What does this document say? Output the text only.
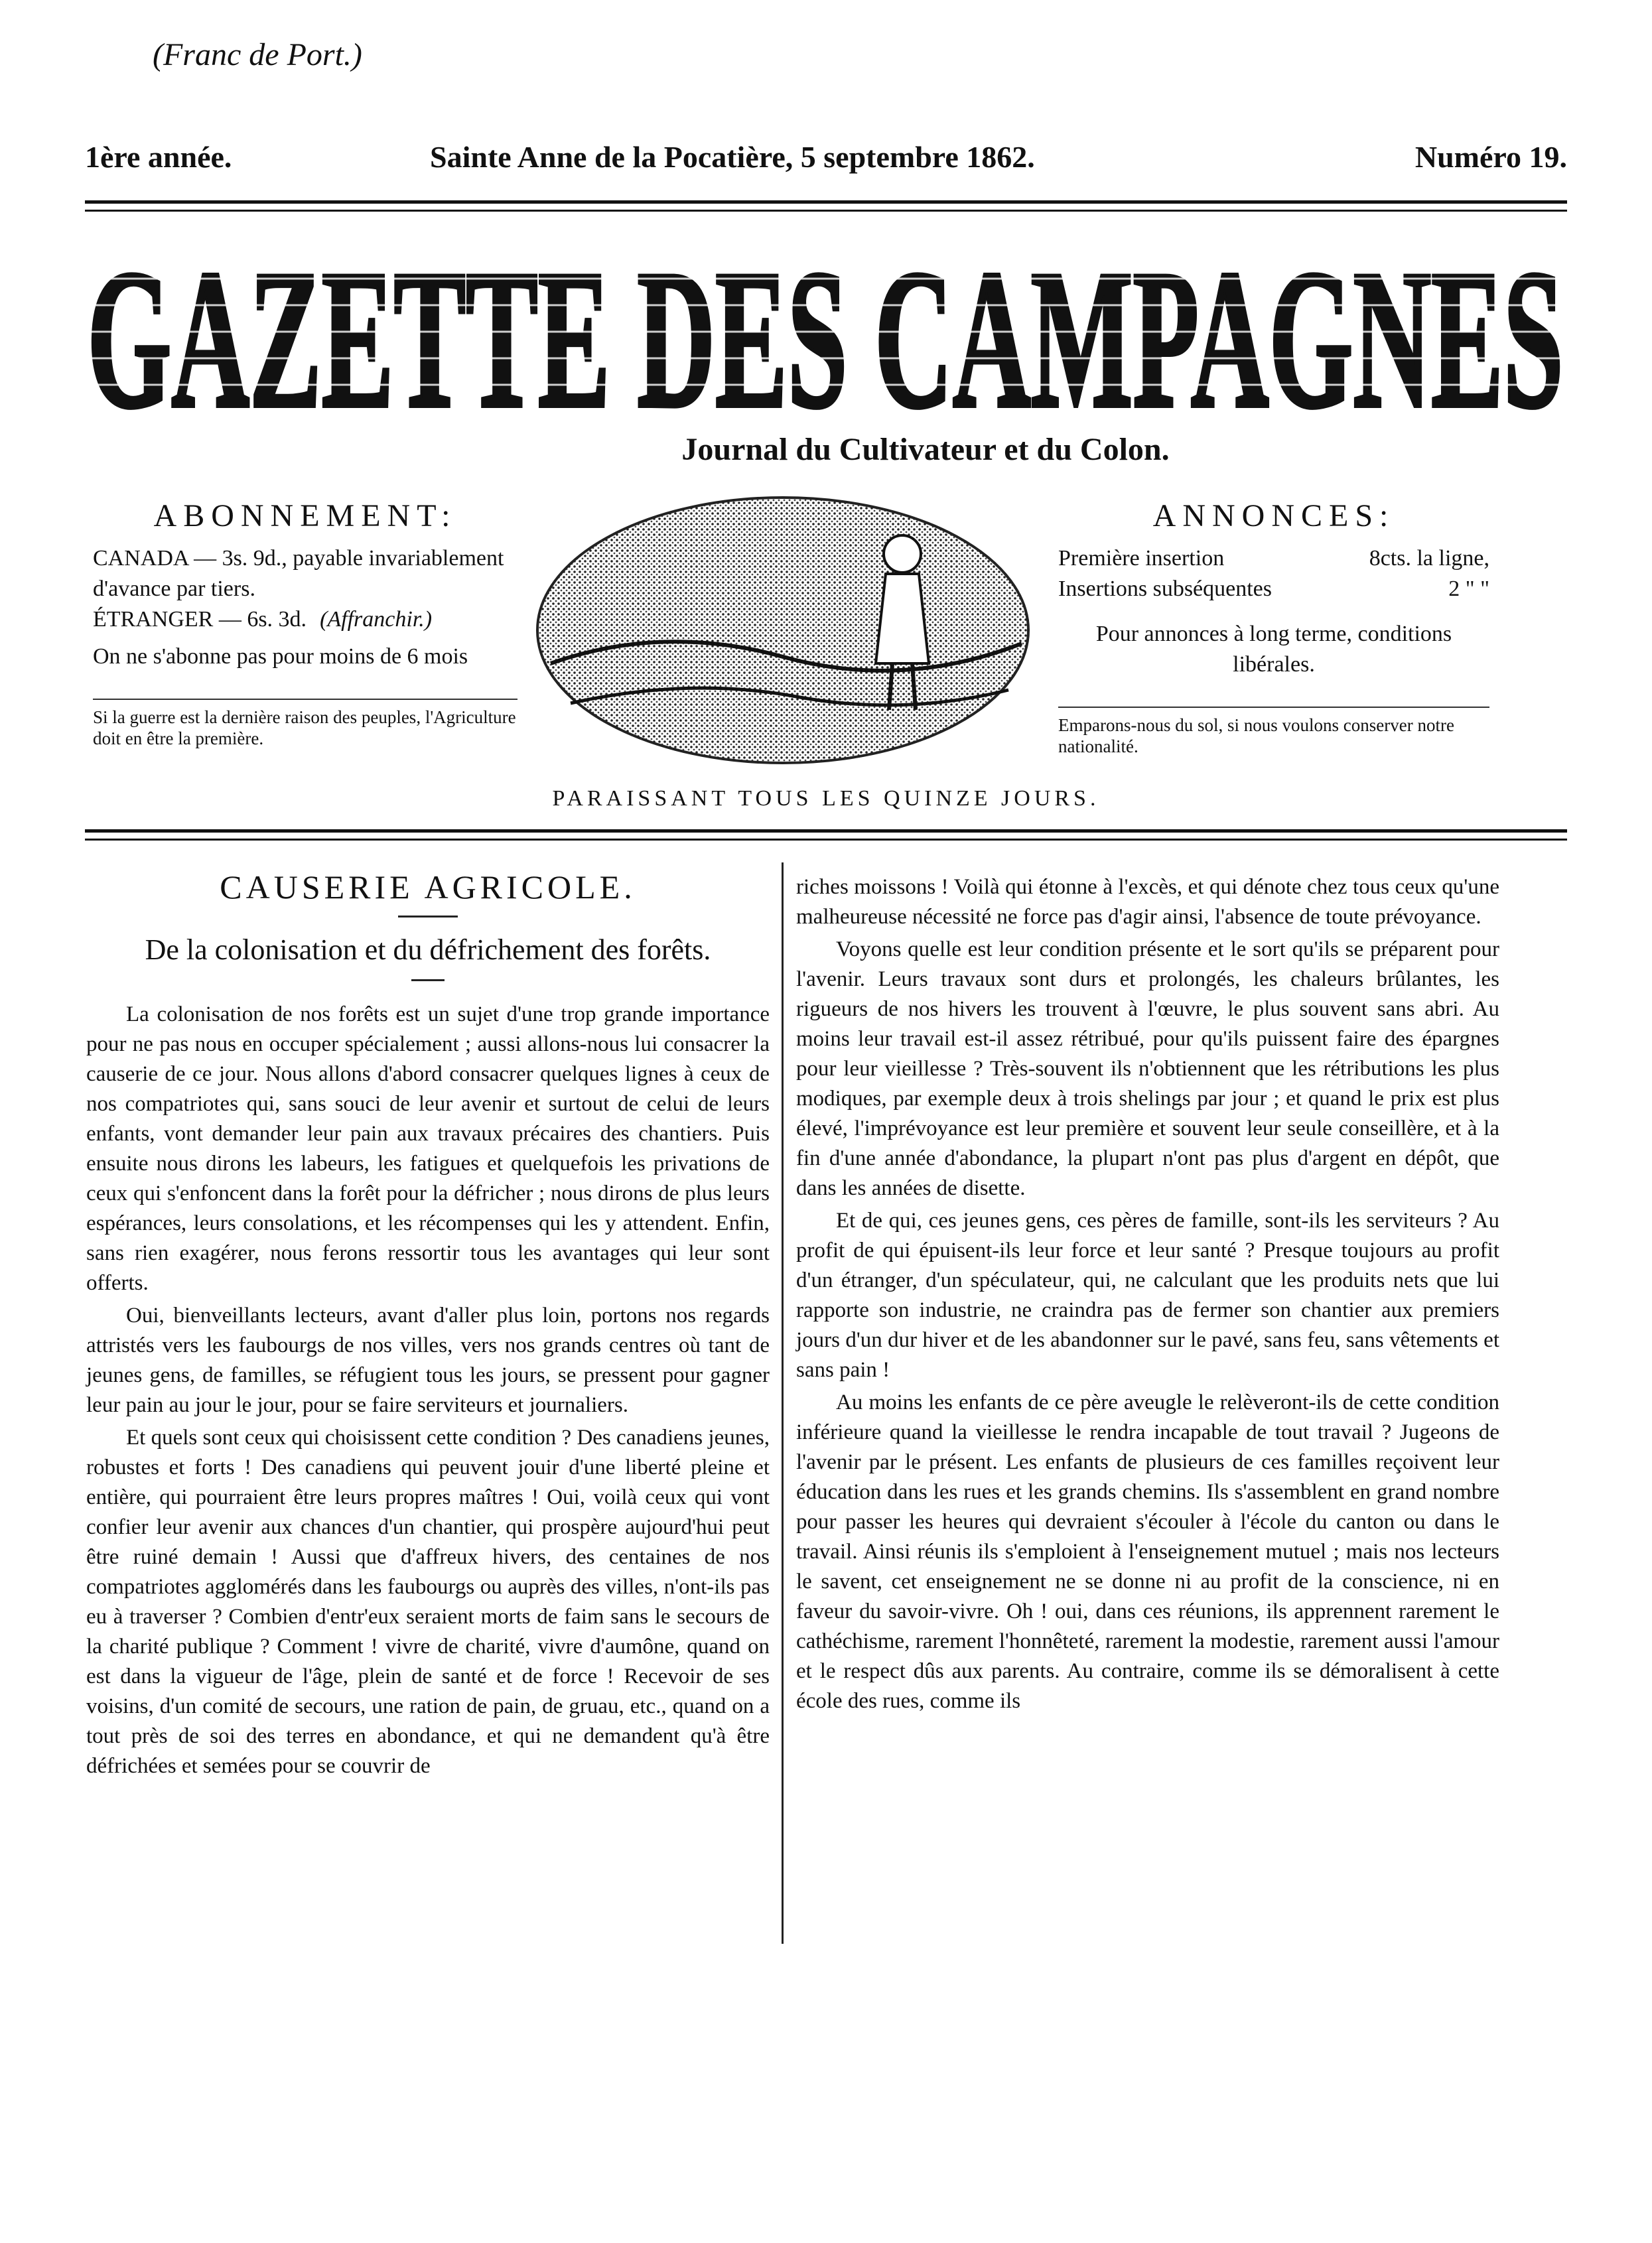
(Franc de Port.)
1ère année.	Sainte Anne de la Pocatière, 5 septembre 1862.	Numéro 19.
GAZETTE DES CAMPAGNES
Journal du Cultivateur et du Colon.
ABONNEMENT:
CANADA — 3s. 9d., payable invariablement d'avance par tiers.
ÉTRANGER — 6s. 3d. (Affranchir.)
On ne s'abonne pas pour moins de 6 mois
Si la guerre est la dernière raison des peuples, l'Agriculture doit en être la première.
ANNONCES:
Première insertion	8cts. la ligne,
Insertions subséquentes	2 " "
Pour annonces à long terme, conditions libérales.
Emparons-nous du sol, si nous voulons conserver notre nationalité.
PARAISSANT TOUS LES QUINZE JOURS.
CAUSERIE AGRICOLE.
De la colonisation et du défrichement des forêts.

La colonisation de nos forêts est un sujet d'une trop grande importance pour ne pas nous en occuper spécialement ; aussi allons-nous lui consacrer la causerie de ce jour. Nous allons d'abord consacrer quelques lignes à ceux de nos compatriotes qui, sans souci de leur avenir et surtout de celui de leurs enfants, vont demander leur pain aux travaux précaires des chantiers. Puis ensuite nous dirons les labeurs, les fatigues et quelquefois les privations de ceux qui s'enfoncent dans la forêt pour la défricher ; nous dirons de plus leurs espérances, leurs consolations, et les récompenses qui les y attendent. Enfin, sans rien exagérer, nous ferons ressortir tous les avantages qui leur sont offerts.

Oui, bienveillants lecteurs, avant d'aller plus loin, portons nos regards attristés vers les faubourgs de nos villes, vers nos grands centres où tant de jeunes gens, de familles, se réfugient tous les jours, se pressent pour gagner leur pain au jour le jour, pour se faire serviteurs et journaliers.

Et quels sont ceux qui choisissent cette condition ? Des canadiens jeunes, robustes et forts ! Des canadiens qui peuvent jouir d'une liberté pleine et entière, qui pourraient être leurs propres maîtres ! Oui, voilà ceux qui vont confier leur avenir aux chances d'un chantier, qui prospère aujourd'hui peut être ruiné demain ! Aussi que d'affreux hivers, des centaines de nos compatriotes agglomérés dans les faubourgs ou auprès des villes, n'ont-ils pas eu à traverser ? Combien d'entr'eux seraient morts de faim sans le secours de la charité publique ? Comment ! vivre de charité, vivre d'aumône, quand on est dans la vigueur de l'âge, plein de santé et de force ! Recevoir de ses voisins, d'un comité de secours, une ration de pain, de gruau, etc., quand on a tout près de soi des terres en abondance, et qui ne demandent qu'à être défrichées et semées pour se couvrir de

riches moissons ! Voilà qui étonne à l'excès, et qui dénote chez tous ceux qu'une malheureuse nécessité ne force pas d'agir ainsi, l'absence de toute prévoyance.

Voyons quelle est leur condition présente et le sort qu'ils se préparent pour l'avenir. Leurs travaux sont durs et prolongés, les chaleurs brûlantes, les rigueurs de nos hivers les trouvent à l'œuvre, le plus souvent sans abri. Au moins leur travail est-il assez rétribué, pour qu'ils puissent faire des épargnes pour leur vieillesse ? Très-souvent ils n'obtiennent que les rétributions les plus modiques, par exemple deux à trois shelings par jour ; et quand le prix est plus élevé, l'imprévoyance est leur première et souvent leur seule conseillère, et à la fin d'une année d'abondance, la plupart n'ont pas plus d'argent en dépôt, que dans les années de disette.

Et de qui, ces jeunes gens, ces pères de famille, sont-ils les serviteurs ? Au profit de qui épuisent-ils leur force et leur santé ? Presque toujours au profit d'un étranger, d'un spéculateur, qui, ne calculant que les produits nets que lui rapporte son industrie, ne craindra pas de fermer son chantier aux premiers jours d'un dur hiver et de les abandonner sur le pavé, sans feu, sans vêtements et sans pain !

Au moins les enfants de ce père aveugle le relèveront-ils de cette condition inférieure quand la vieillesse le rendra incapable de tout travail ? Jugeons de l'avenir par le présent. Les enfants de plusieurs de ces familles reçoivent leur éducation dans les rues et les grands chemins. Ils s'assemblent en grand nombre pour passer les heures qui devraient s'écouler à l'école du canton ou dans le travail. Ainsi réunis ils s'emploient à l'enseignement mutuel ; mais nos lecteurs le savent, cet enseignement ne se donne ni au profit de la conscience, ni en faveur du savoir-vivre. Oh ! oui, dans ces réunions, ils apprennent rarement le cathéchisme, rarement l'honnêteté, rarement la modestie, rarement aussi l'amour et le respect dûs aux parents. Au contraire, comme ils se démoralisent à cette école des rues, comme ils
